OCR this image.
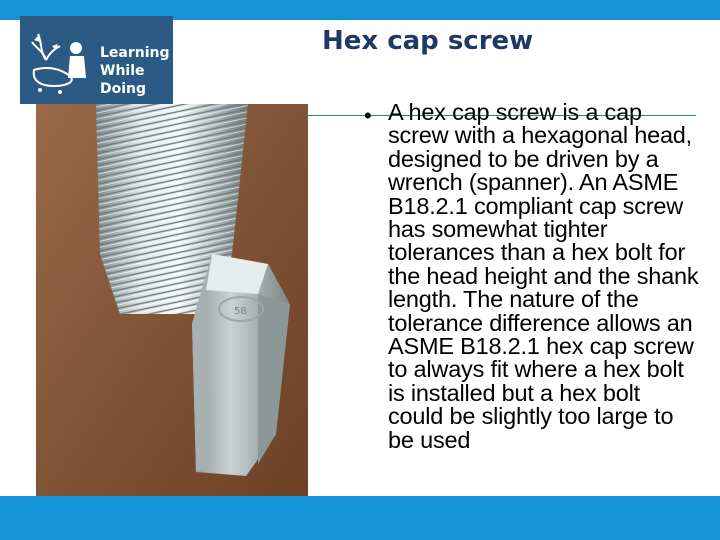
Learning
While
Doing
Hex cap screw
58
• A hex cap screw is a cap screw with a hexagonal head, designed to be driven by a wrench (spanner). An ASME B18.2.1 compliant cap screw has somewhat tighter tolerances than a hex bolt for the head height and the shank length. The nature of the tolerance difference allows an ASME B18.2.1 hex cap screw to always fit where a hex bolt is installed but a hex bolt could be slightly too large to be used
